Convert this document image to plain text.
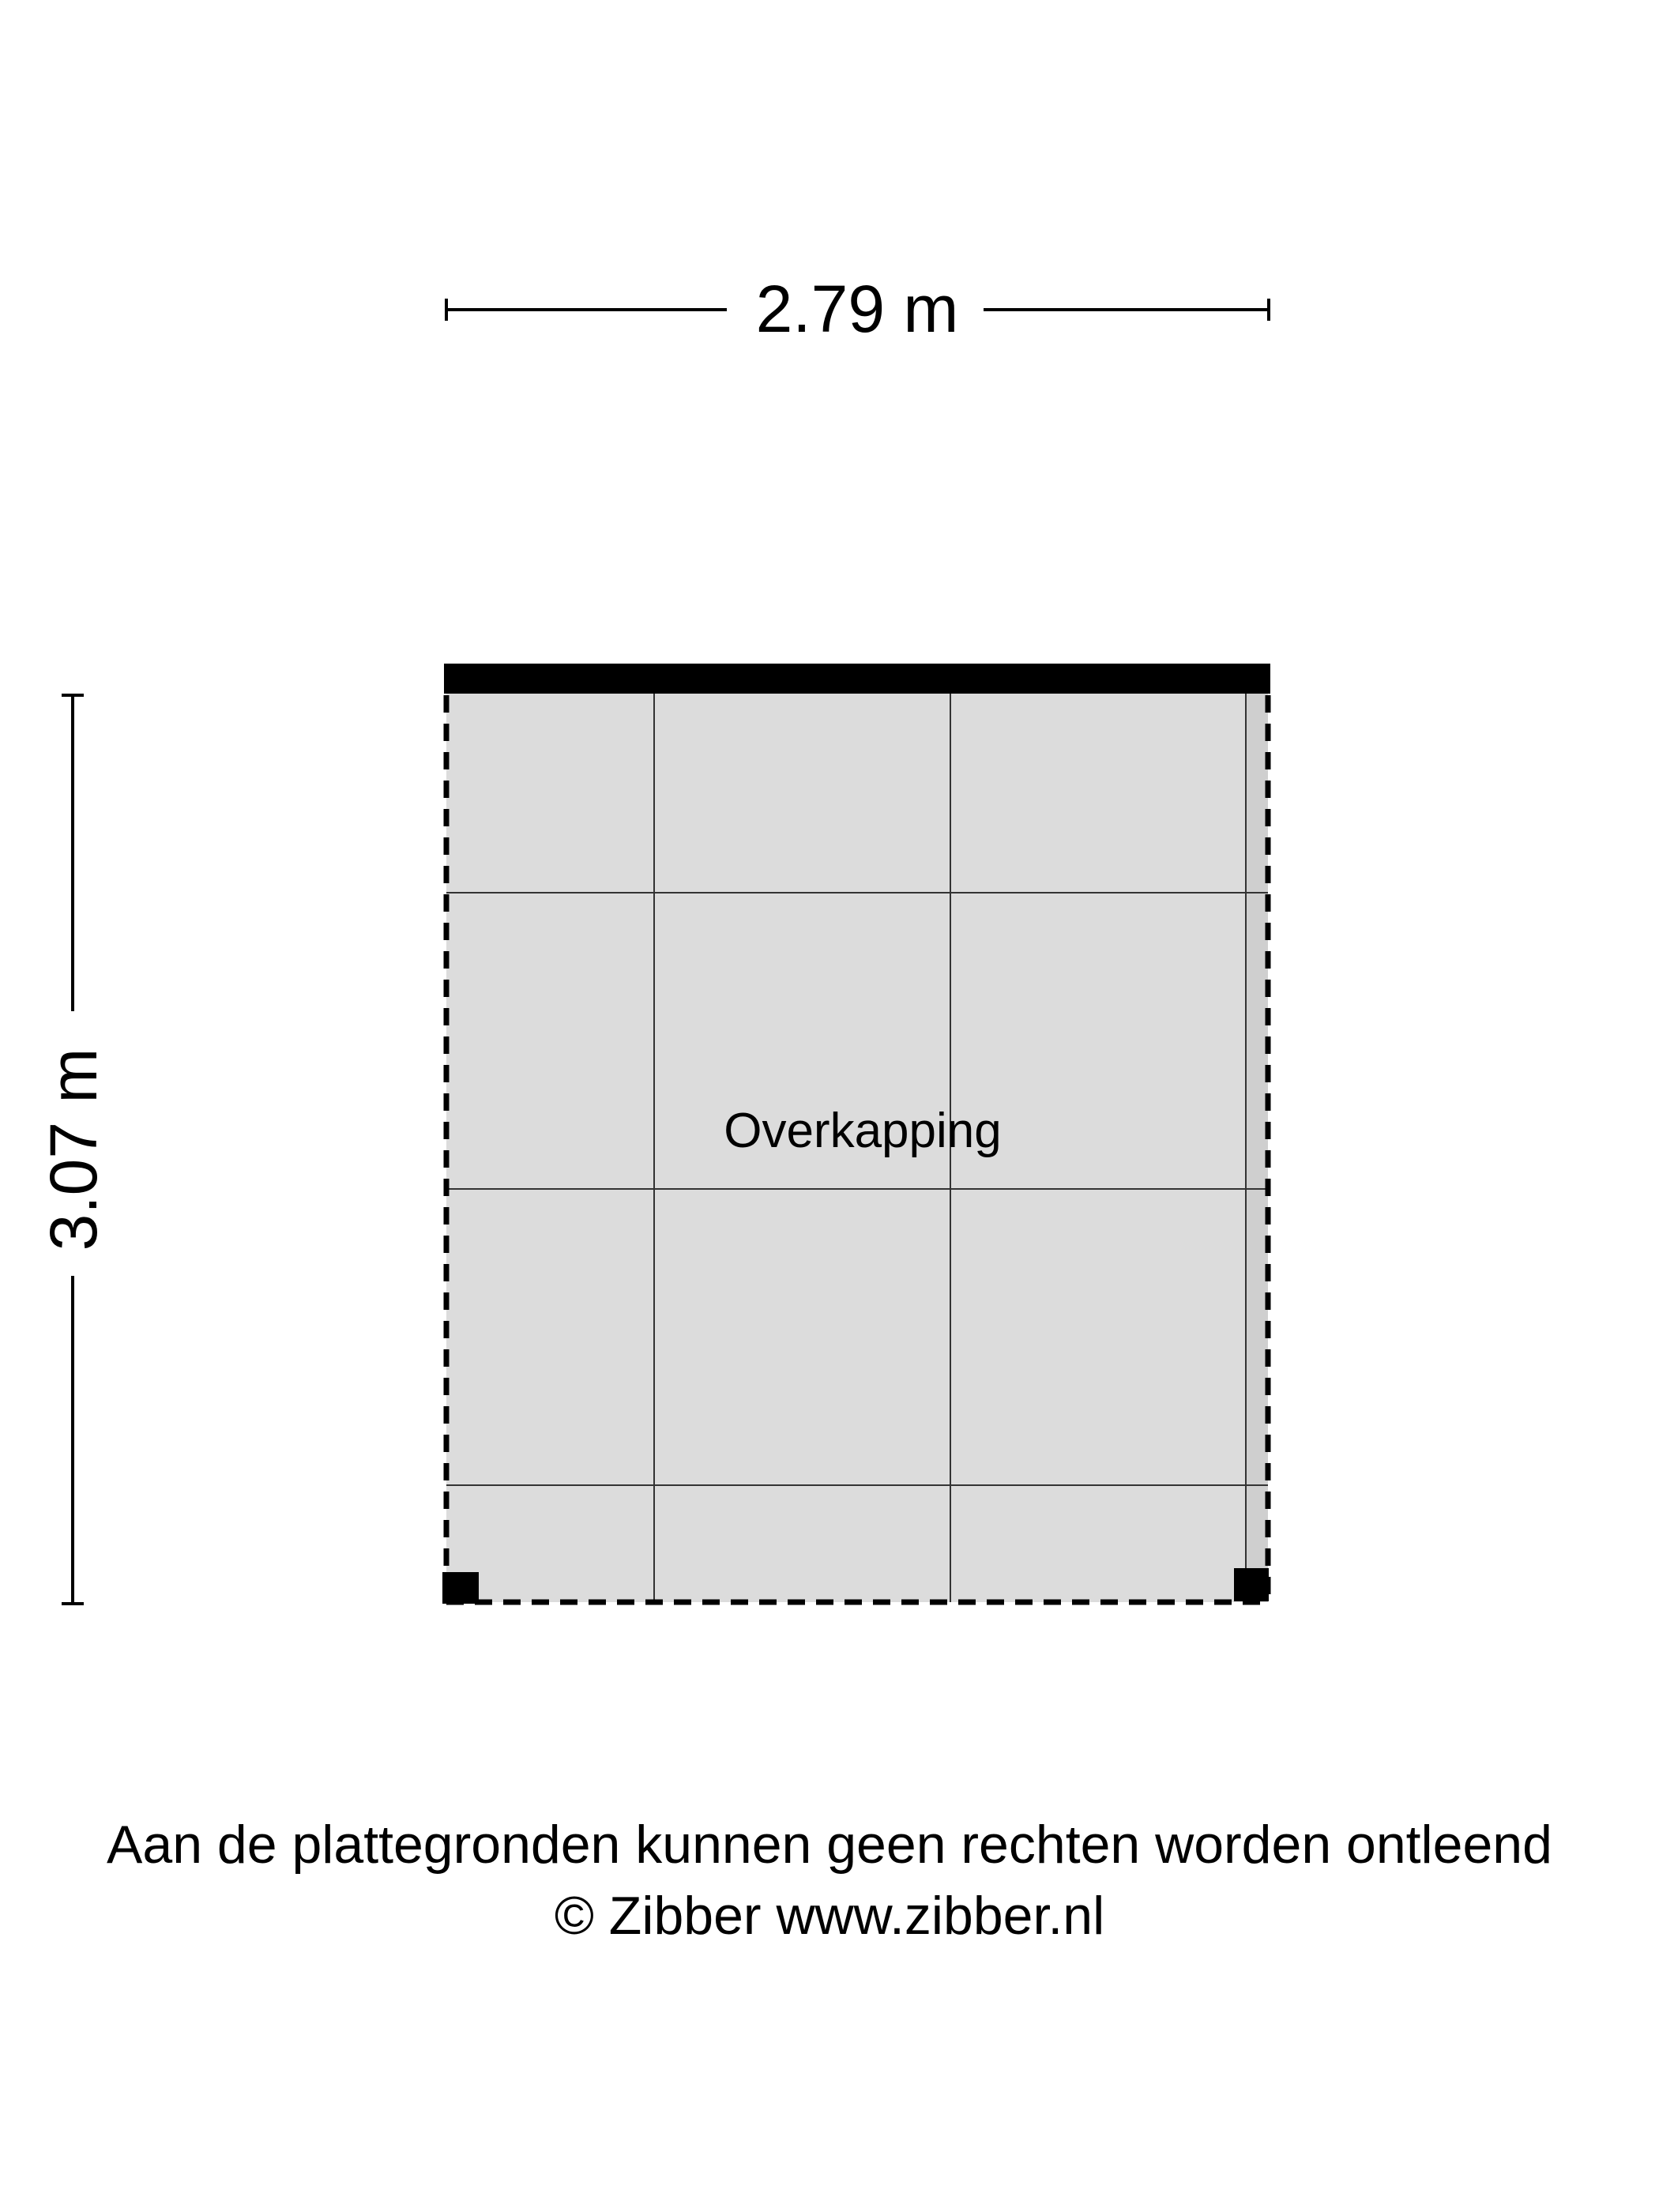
2.79 m
3.07 m	Overkapping
Aan de plattegronden kunnen geen rechten worden ontleend
© Zibber www.zibber.nl
